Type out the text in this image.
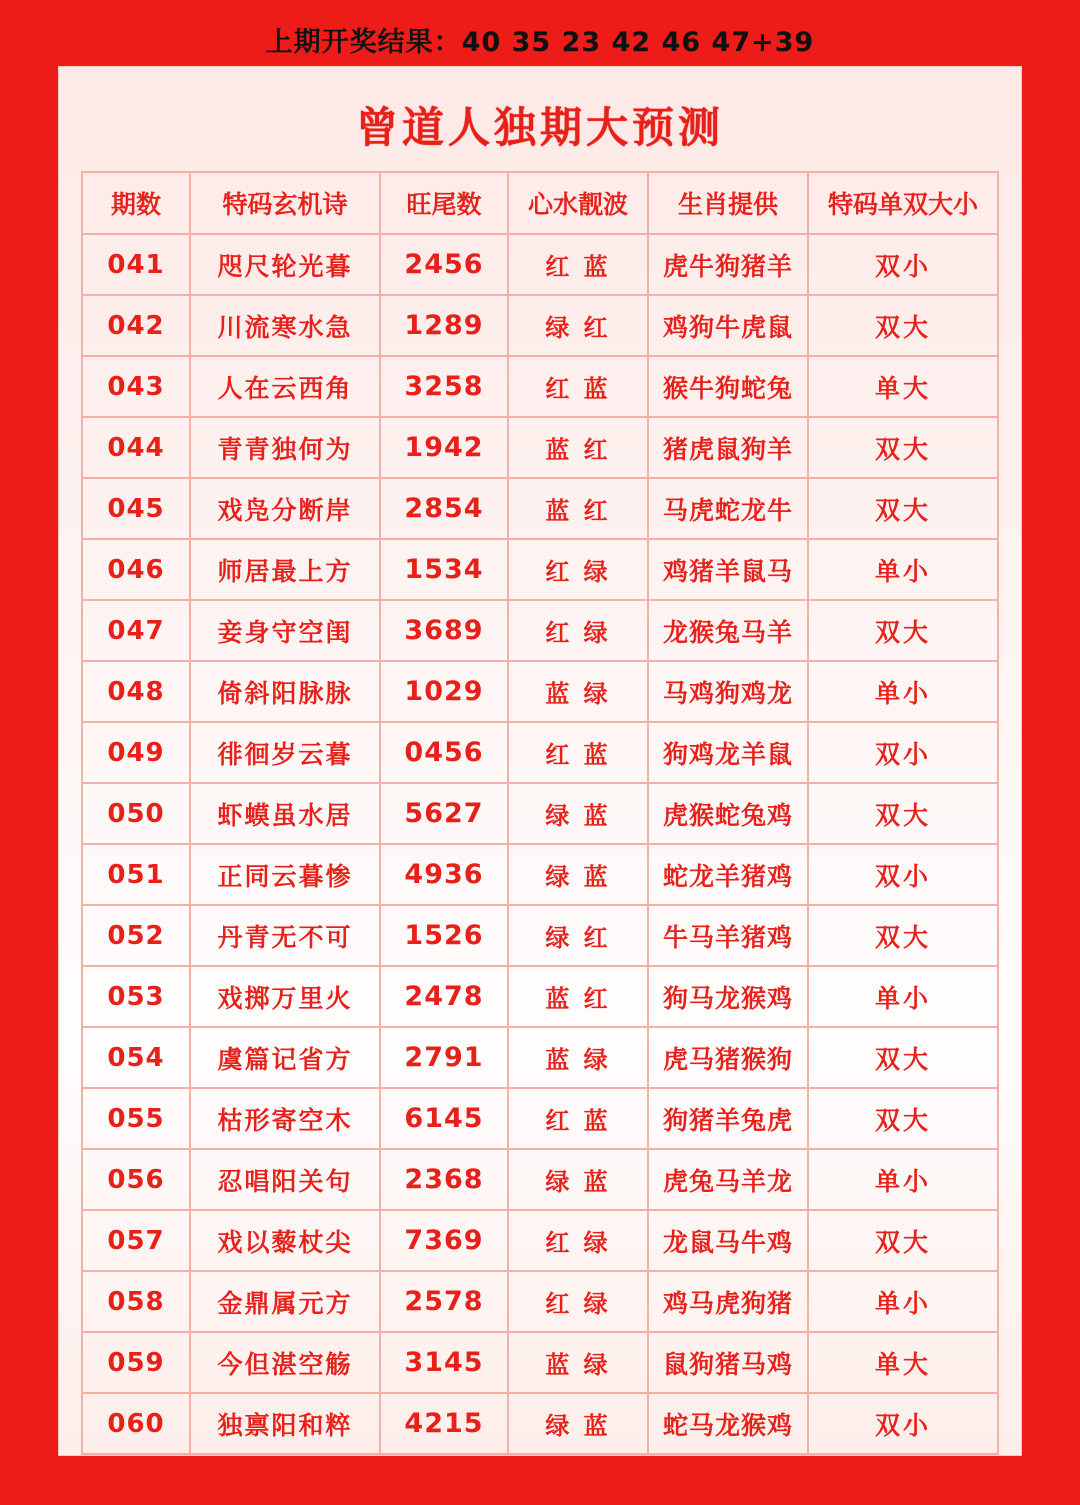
上期开奖结果：40 35 23 42 46 47+39
曾道人独期大预测
期数	特码玄机诗	旺尾数	心水靓波	生肖提供	特码单双大小
041	咫尺轮光暮	2456	红 蓝	虎牛狗猪羊	双小
042	川流寒水急	1289	绿 红	鸡狗牛虎鼠	双大
043	人在云西角	3258	红 蓝	猴牛狗蛇兔	单大
044	青青独何为	1942	蓝 红	猪虎鼠狗羊	双大
045	戏凫分断岸	2854	蓝 红	马虎蛇龙牛	双大
046	师居最上方	1534	红 绿	鸡猪羊鼠马	单小
047	妾身守空闺	3689	红 绿	龙猴兔马羊	双大
048	倚斜阳脉脉	1029	蓝 绿	马鸡狗鸡龙	单小
049	徘徊岁云暮	0456	红 蓝	狗鸡龙羊鼠	双小
050	虾蟆虽水居	5627	绿 蓝	虎猴蛇兔鸡	双大
051	正同云暮惨	4936	绿 蓝	蛇龙羊猪鸡	双小
052	丹青无不可	1526	绿 红	牛马羊猪鸡	双大
053	戏掷万里火	2478	蓝 红	狗马龙猴鸡	单小
054	虞篇记省方	2791	蓝 绿	虎马猪猴狗	双大
055	枯形寄空木	6145	红 蓝	狗猪羊兔虎	双大
056	忍唱阳关句	2368	绿 蓝	虎兔马羊龙	单小
057	戏以藜杖尖	7369	红 绿	龙鼠马牛鸡	双大
058	金鼎属元方	2578	红 绿	鸡马虎狗猪	单小
059	今但湛空觞	3145	蓝 绿	鼠狗猪马鸡	单大
060	独禀阳和粹	4215	绿 蓝	蛇马龙猴鸡	双小
